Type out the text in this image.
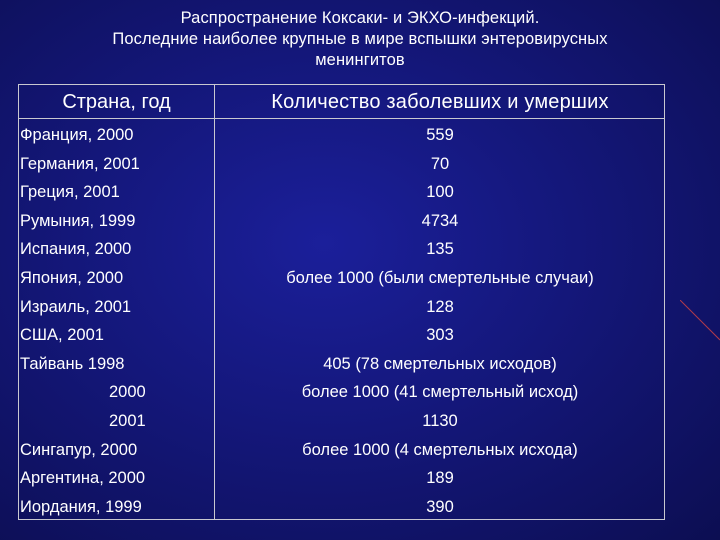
Распространение Коксаки- и ЭКХО-инфекций.
Последние наиболее крупные в мире вспышки энтеровирусных
менингитов
Страна, год	Количество заболевших и умерших
Франция, 2000	559
Германия, 2001	70
Греция, 2001	100
Румыния, 1999	4734
Испания, 2000	135
Япония, 2000	более 1000 (были смертельные случаи)
Израиль, 2001	128
США, 2001	303
Тайвань 1998	405 (78 смертельных исходов)
2000	более 1000 (41 смертельный исход)
2001	1130
Сингапур, 2000	более 1000 (4 смертельных исхода)
Аргентина, 2000	189
Иордания, 1999	390
